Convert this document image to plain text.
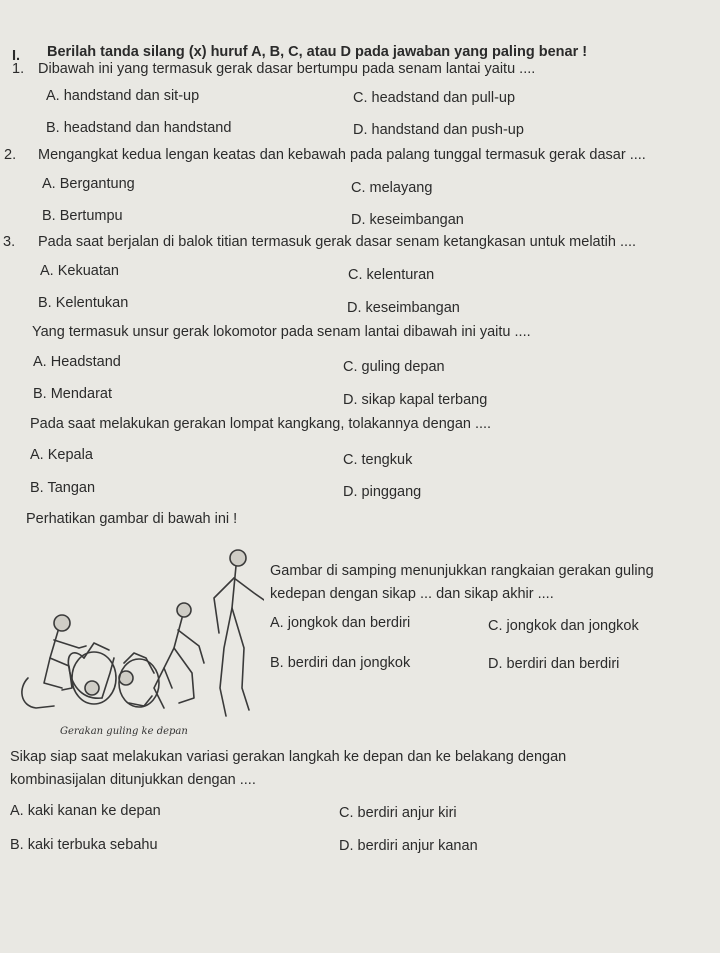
I. Berilah tanda silang (x) huruf A, B, C, atau D pada jawaban yang paling benar !
1. Dibawah ini yang termasuk gerak dasar bertumpu pada senam lantai yaitu ....
A. handstand dan sit-up	C. headstand dan pull-up
B. headstand dan handstand	D. handstand dan push-up
2. Mengangkat kedua lengan keatas dan kebawah pada palang tunggal termasuk gerak dasar ....
A. Bergantung	C. melayang
B. Bertumpu	D. keseimbangan
3. Pada saat berjalan di balok titian termasuk gerak dasar senam ketangkasan untuk melatih ....
A. Kekuatan	C. kelenturan
B. Kelentukan	D. keseimbangan
Yang termasuk unsur gerak lokomotor pada senam lantai dibawah ini yaitu ....
A. Headstand	C. guling depan
B. Mendarat	D. sikap kapal terbang
Pada saat melakukan gerakan lompat kangkang, tolakannya dengan ....
A. Kepala	C. tengkuk
B. Tangan	D. pinggang
Perhatikan gambar di bawah ini !
Gambar di samping menunjukkan rangkaian gerakan guling
kedepan dengan sikap ... dan sikap akhir ....
A. jongkok dan berdiri	C. jongkok dan jongkok
B. berdiri dan jongkok	D. berdiri dan berdiri
Gerakan guling ke depan
Sikap siap saat melakukan variasi gerakan langkah ke depan dan ke belakang dengan
kombinasijalan ditunjukkan dengan ....
A. kaki kanan ke depan	C. berdiri anjur kiri
B. kaki terbuka sebahu	D. berdiri anjur kanan
